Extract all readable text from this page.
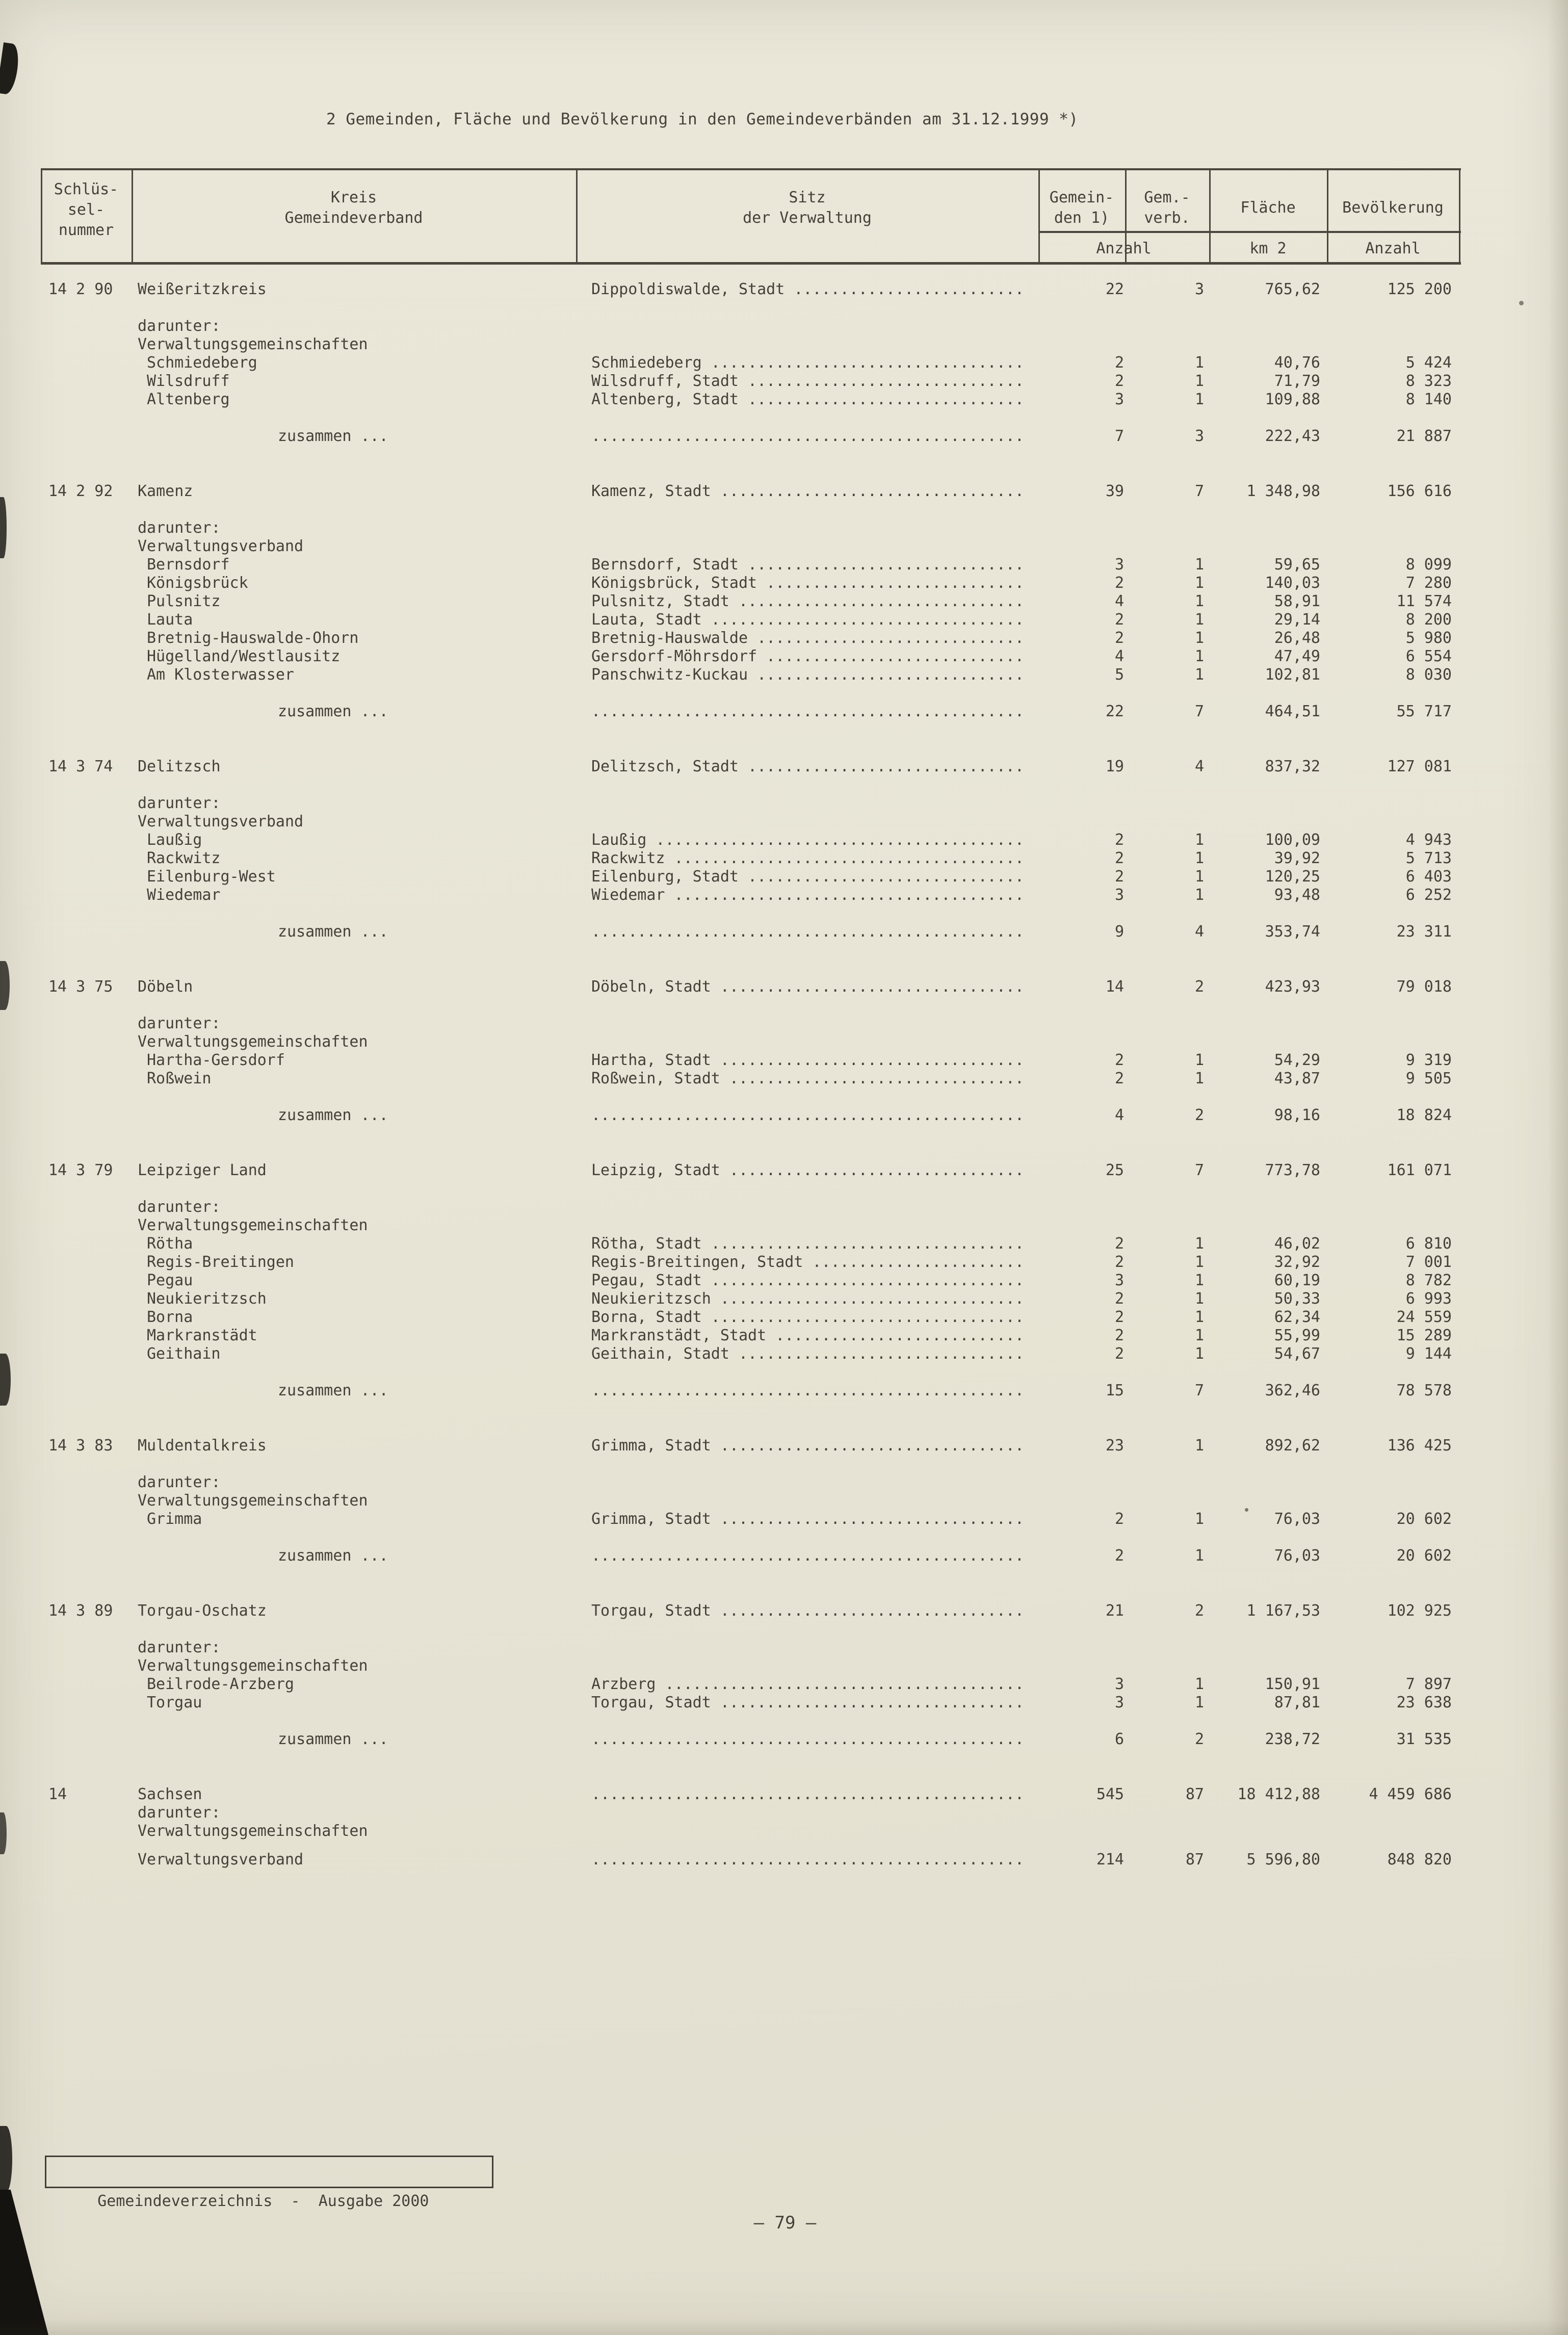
2 Gemeinden, Fläche und Bevölkerung in den Gemeindeverbänden am 31.12.1999 *)
Schlüs-
sel-
nummer
Kreis
Gemeindeverband
Sitz
der Verwaltung
Gemein-
den 1)
Gem.-
verb.
Fläche	Bevölkerung
Anzahl	km 2	Anzahl
14 2 90 Weißeritzkreis	Dippoldiswalde, Stadt .........................	22	3	765,62	125 200
darunter:
Verwaltungsgemeinschaften
Schmiedeberg	Schmiedeberg ..................................	2	1	40,76	5 424
Wilsdruff	Wilsdruff, Stadt ..............................	2	1	71,79	8 323
Altenberg	Altenberg, Stadt ..............................	3	1	109,88	8 140
zusammen ...	...............................................	7	3	222,43	21 887
14 2 92 Kamenz	Kamenz, Stadt .................................	39	7	1 348,98	156 616
darunter:
Verwaltungsverband
Bernsdorf	Bernsdorf, Stadt ..............................	3	1	59,65	8 099
Königsbrück	Königsbrück, Stadt ............................	2	1	140,03	7 280
Pulsnitz	Pulsnitz, Stadt ...............................	4	1	58,91	11 574
Lauta	Lauta, Stadt ..................................	2	1	29,14	8 200
Bretnig-Hauswalde-Ohorn	Bretnig-Hauswalde .............................	2	1	26,48	5 980
Hügelland/Westlausitz	Gersdorf-Möhrsdorf ............................	4	1	47,49	6 554
Am Klosterwasser	Panschwitz-Kuckau .............................	5	1	102,81	8 030
zusammen ...	...............................................	22	7	464,51	55 717
14 3 74 Delitzsch	Delitzsch, Stadt ..............................	19	4	837,32	127 081
darunter:
Verwaltungsverband
Laußig	Laußig ........................................	2	1	100,09	4 943
Rackwitz	Rackwitz ......................................	2	1	39,92	5 713
Eilenburg-West	Eilenburg, Stadt ..............................	2	1	120,25	6 403
Wiedemar	Wiedemar ......................................	3	1	93,48	6 252
zusammen ...	...............................................	9	4	353,74	23 311
14 3 75 Döbeln	Döbeln, Stadt .................................	14	2	423,93	79 018
darunter:
Verwaltungsgemeinschaften
Hartha-Gersdorf	Hartha, Stadt .................................	2	1	54,29	9 319
Roßwein	Roßwein, Stadt ................................	2	1	43,87	9 505
zusammen ...	...............................................	4	2	98,16	18 824
14 3 79 Leipziger Land	Leipzig, Stadt ................................	25	7	773,78	161 071
darunter:
Verwaltungsgemeinschaften
Rötha	Rötha, Stadt ..................................	2	1	46,02	6 810
Regis-Breitingen	Regis-Breitingen, Stadt .......................	2	1	32,92	7 001
Pegau	Pegau, Stadt ..................................	3	1	60,19	8 782
Neukieritzsch	Neukieritzsch .................................	2	1	50,33	6 993
Borna	Borna, Stadt ..................................	2	1	62,34	24 559
Markranstädt	Markranstädt, Stadt ...........................	2	1	55,99	15 289
Geithain	Geithain, Stadt ...............................	2	1	54,67	9 144
zusammen ...	...............................................	15	7	362,46	78 578
14 3 83 Muldentalkreis	Grimma, Stadt .................................	23	1	892,62	136 425
darunter:
Verwaltungsgemeinschaften
Grimma	Grimma, Stadt .................................	2	1	76,03	20 602
zusammen ...	...............................................	2	1	76,03	20 602
14 3 89 Torgau-Oschatz	Torgau, Stadt .................................	21	2	1 167,53	102 925
darunter:
Verwaltungsgemeinschaften
Beilrode-Arzberg	Arzberg .......................................	3	1	150,91	7 897
Torgau	Torgau, Stadt .................................	3	1	87,81	23 638
zusammen ...	...............................................	6	2	238,72	31 535
14	Sachsen	...............................................	545	87	18 412,88	4 459 686
darunter:
Verwaltungsgemeinschaften
Verwaltungsverband	...............................................	214	87	5 596,80	848 820

Gemeindeverzeichnis  -  Ausgabe 2000

– 79 –
